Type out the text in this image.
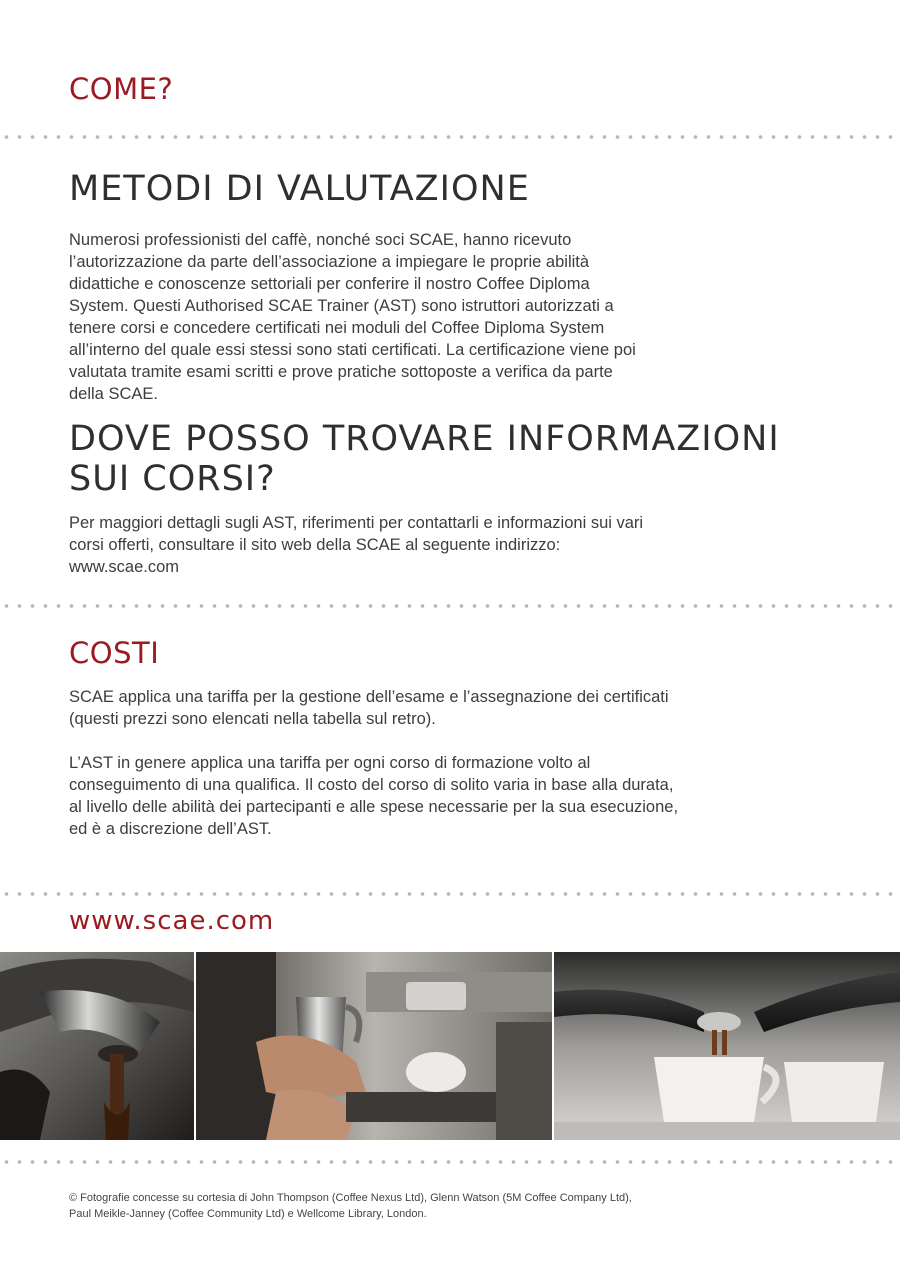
COME?
METODI DI VALUTAZIONE

Numerosi professionisti del caffè, nonché soci SCAE, hanno ricevuto

l’autorizzazione da parte dell’associazione a impiegare le proprie abilità

didattiche e conoscenze settoriali per conferire il nostro Coffee Diploma

System. Questi Authorised SCAE Trainer (AST) sono istruttori autorizzati a

tenere corsi e concedere certificati nei moduli del Coffee Diploma System

all’interno del quale essi stessi sono stati certificati. La certificazione viene poi

valutata tramite esami scritti e prove pratiche sottoposte a verifica da parte

della SCAE.

DOVE POSSO TROVARE INFORMAZIONI
SUI CORSI?

Per maggiori dettagli sugli AST, riferimenti per contattarli e informazioni sui vari

corsi offerti, consultare il sito web della SCAE al seguente indirizzo:

www.scae.com

COSTI

SCAE applica una tariffa per la gestione dell’esame e l’assegnazione dei certificati

(questi prezzi sono elencati nella tabella sul retro).

L’AST in genere applica una tariffa per ogni corso di formazione volto al

conseguimento di una qualifica. Il costo del corso di solito varia in base alla durata,

al livello delle abilità dei partecipanti e alle spese necessarie per la sua esecuzione,

ed è a discrezione dell’AST.

www.scae.com

© Fotografie concesse su cortesia di John Thompson (Coffee Nexus Ltd), Glenn Watson (5M Coffee Company Ltd),

Paul Meikle-Janney (Coffee Community Ltd) e Wellcome Library, London.
